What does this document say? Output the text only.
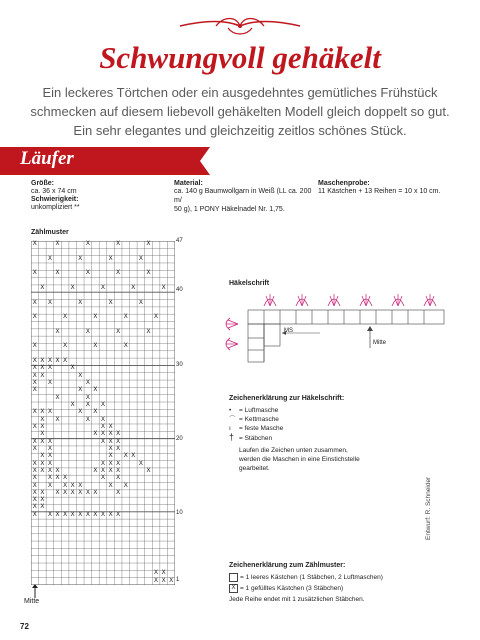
Schwungvoll gehäkelt
Ein leckeres Törtchen oder ein ausgedehntes gemütliches Frühstück
schmecken auf diesem liebevoll gehäkelten Modell gleich doppelt so gut.
Ein sehr elegantes und gleichzeitig zeitlos schönes Stück.
Läufer
Größe:
ca. 36 x 74 cm
Schwierigkeit:
unkompliziert **
Material:
ca. 140 g Baumwollgarn in Weiß (LL ca. 200 m/
50 g), 1 PONY Häkelnadel Nr. 1,75.
Maschenprobe:
11 Kästchen + 13 Reihen = 10 x 10 cm.
Zählmuster
X	X	X	X	X
X	X	X	X
X	X	X	X	X
X	X	X	X	X
X X	X	X	X
X	X	X	X	X
X	X	X	X
X	X	X	X
X X X X X
X X X	X
X X	X
X X	X
X	X X
X	X
X X X
X X X	X X
X X	X X
X X	X X
X	X X X X
X X X	X X X
X X	X X
X X	X X X
X X X	X X X	X
X X X X	X X X X	X
X X X X	X X
X X X X X	X X
X X X X X X X X	X
X X
X X
X X X X X X X X X X X
X X
X X X
47
40
30
20
10
1
Mitte
Häkelschrift
MS
Mitte
Zeichenerklärung zur Häkelschrift:
• = Luftmasche
⌒ = Kettmasche
ı = feste Masche
† = Stäbchen
Laufen die Zeichen unten zusammen,
werden die Maschen in eine Einstichstelle
gearbeitet.
Zeichenerklärung zum Zählmuster:
= 1 leeres Kästchen (1 Stäbchen, 2 Luftmaschen)
X = 1 gefülltes Kästchen (3 Stäbchen)
Jede Reihe endet mit 1 zusätzlichen Stäbchen.
Entwurf: R. Schneider
72
